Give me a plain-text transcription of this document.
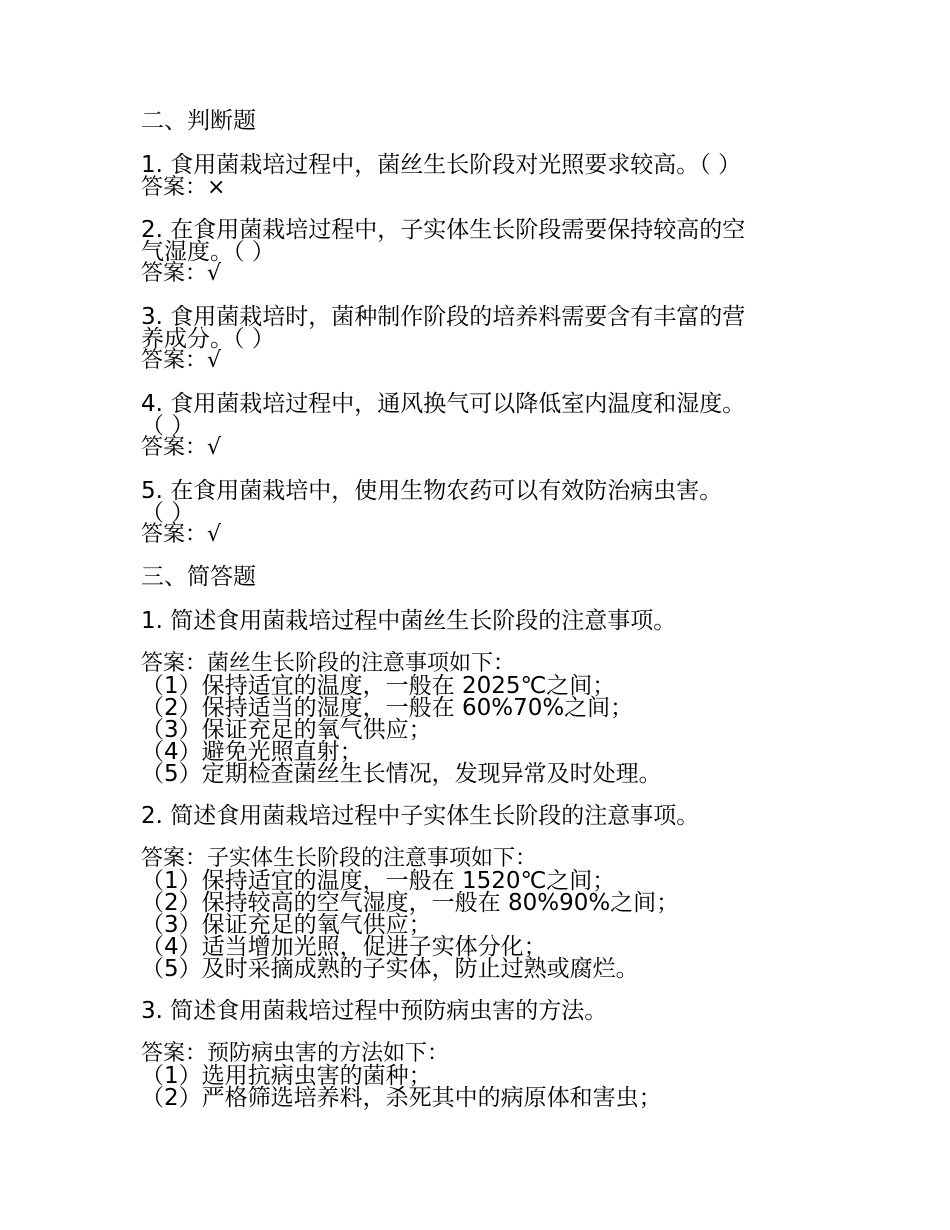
二、判断题
1. 食用菌栽培过程中，菌丝生长阶段对光照要求较高。（ ）
答案：×
2. 在食用菌栽培过程中，子实体生长阶段需要保持较高的空
气湿度。（ ）
答案：√
3. 食用菌栽培时，菌种制作阶段的培养料需要含有丰富的营
养成分。（ ）
答案：√
4. 食用菌栽培过程中，通风换气可以降低室内温度和湿度。
（ ）
答案：√
5. 在食用菌栽培中，使用生物农药可以有效防治病虫害。
（ ）
答案：√
三、简答题
1. 简述食用菌栽培过程中菌丝生长阶段的注意事项。
答案：菌丝生长阶段的注意事项如下：
（1）保持适宜的温度，一般在 2025℃之间；
（2）保持适当的湿度，一般在 60%70%之间；
（3）保证充足的氧气供应；
（4）避免光照直射；
（5）定期检查菌丝生长情况，发现异常及时处理。
2. 简述食用菌栽培过程中子实体生长阶段的注意事项。
答案：子实体生长阶段的注意事项如下：
（1）保持适宜的温度，一般在 1520℃之间；
（2）保持较高的空气湿度，一般在 80%90%之间；
（3）保证充足的氧气供应；
（4）适当增加光照，促进子实体分化；
（5）及时采摘成熟的子实体，防止过熟或腐烂。
3. 简述食用菌栽培过程中预防病虫害的方法。
答案：预防病虫害的方法如下：
（1）选用抗病虫害的菌种；
（2）严格筛选培养料，杀死其中的病原体和害虫；
